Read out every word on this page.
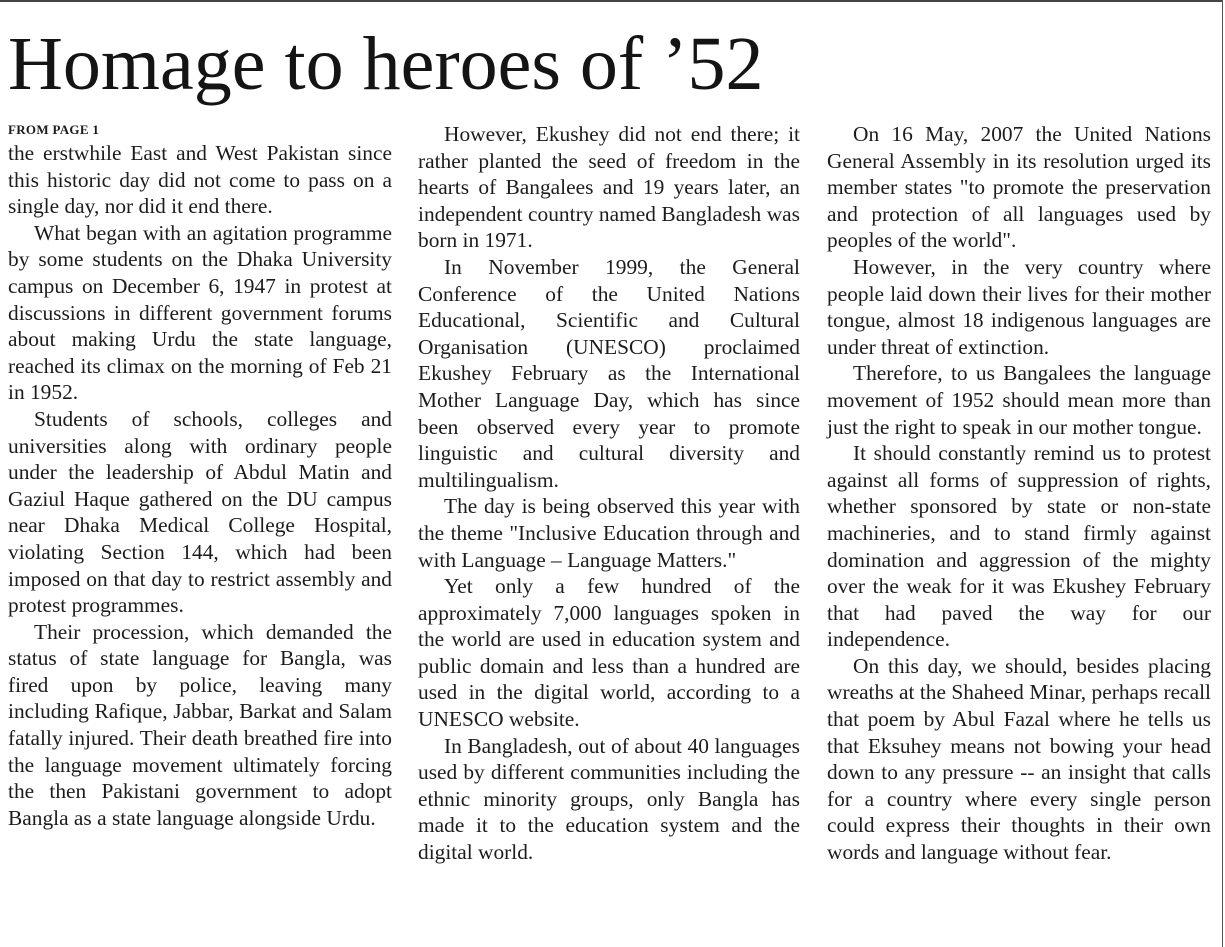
Homage to heroes of ’52
FROM PAGE 1

the erstwhile East and West Pakistan since this historic day did not come to pass on a single day, nor did it end there.

What began with an agitation programme by some students on the Dhaka University campus on December 6, 1947 in protest at discussions in different government forums about making Urdu the state language, reached its climax on the morning of Feb 21 in 1952.

Students of schools, colleges and universities along with ordinary people under the leadership of Abdul Matin and Gaziul Haque gathered on the DU campus near Dhaka Medical College Hospital, violating Section 144, which had been imposed on that day to restrict assembly and protest programmes.

Their procession, which demanded the status of state language for Bangla, was fired upon by police, leaving many including Rafique, Jabbar, Barkat and Salam fatally injured. Their death breathed fire into the language movement ultimately forcing the then Pakistani government to adopt Bangla as a state language alongside Urdu.

However, Ekushey did not end there; it rather planted the seed of freedom in the hearts of Bangalees and 19 years later, an independent country named Bangladesh was born in 1971.

In November 1999, the General Conference of the United Nations Educational, Scientific and Cultural Organisation (UNESCO) proclaimed Ekushey February as the International Mother Language Day, which has since been observed every year to promote linguistic and cultural diversity and multilingualism.

The day is being observed this year with the theme "Inclusive Education through and with Language – Language Matters."

Yet only a few hundred of the approximately 7,000 languages spoken in the world are used in education system and public domain and less than a hundred are used in the digital world, according to a UNESCO website.

In Bangladesh, out of about 40 languages used by different communities including the ethnic minority groups, only Bangla has made it to the education system and the digital world.

On 16 May, 2007 the United Nations General Assembly in its resolution urged its member states "to promote the preservation and protection of all languages used by peoples of the world".

However, in the very country where people laid down their lives for their mother tongue, almost 18 indigenous languages are under threat of extinction.

Therefore, to us Bangalees the language movement of 1952 should mean more than just the right to speak in our mother tongue.

It should constantly remind us to protest against all forms of suppression of rights, whether sponsored by state or non-state machineries, and to stand firmly against domination and aggression of the mighty over the weak for it was Ekushey February that had paved the way for our independence.

On this day, we should, besides placing wreaths at the Shaheed Minar, perhaps recall that poem by Abul Fazal where he tells us that Eksuhey means not bowing your head down to any pressure -- an insight that calls for a country where every single person could express their thoughts in their own words and language without fear.
